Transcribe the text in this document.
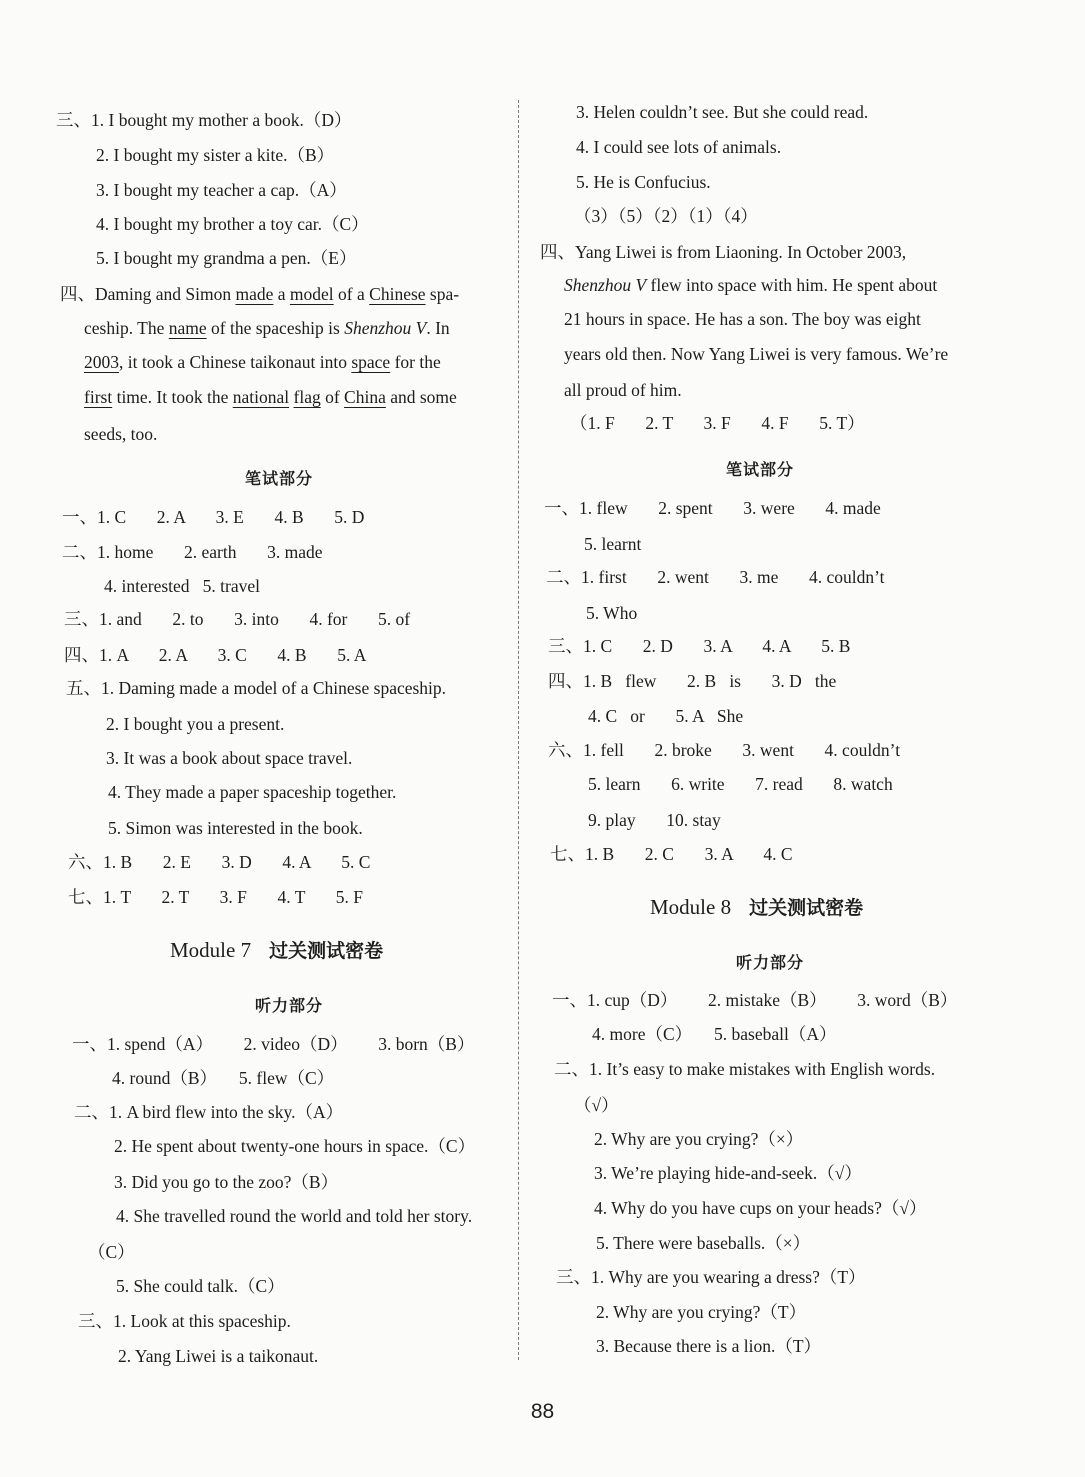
三、1. I bought my mother a book.（D）
2. I bought my sister a kite.（B）
3. I bought my teacher a cap.（A）
4. I bought my brother a toy car.（C）
5. I bought my grandma a pen.（E）
四、Daming and Simon made a model of a Chinese spa-
ceship. The name of the spaceship is Shenzhou V. In
2003, it took a Chinese taikonaut into space for the
first time. It took the national flag of China and some
seeds, too.
笔试部分
一、1. C       2. A       3. E       4. B       5. D
二、1. home       2. earth       3. made
4. interested   5. travel
三、1. and       2. to       3. into       4. for       5. of
四、1. A       2. A       3. C       4. B       5. A
五、1. Daming made a model of a Chinese spaceship.
2. I bought you a present.
3. It was a book about space travel.
4. They made a paper spaceship together.
5. Simon was interested in the book.
六、1. B       2. E       3. D       4. A       5. C
七、1. T       2. T       3. F       4. T       5. F
Module 7 过关测试密卷
听力部分
一、1. spend（A）       2. video（D）       3. born（B）
4. round（B）     5. flew（C）
二、1. A bird flew into the sky.（A）
2. He spent about twenty-one hours in space.（C）
3. Did you go to the zoo?（B）
4. She travelled round the world and told her story.
（C）
5. She could talk.（C）
三、1. Look at this spaceship.
2. Yang Liwei is a taikonaut.
3. Helen couldn’t see. But she could read.
4. I could see lots of animals.
5. He is Confucius.
（3）（5）（2）（1）（4）
四、Yang Liwei is from Liaoning. In October 2003,
Shenzhou V flew into space with him. He spent about
21 hours in space. He has a son. The boy was eight
years old then. Now Yang Liwei is very famous. We’re
all proud of him.
（1. F       2. T       3. F       4. F       5. T）
笔试部分
一、1. flew       2. spent       3. were       4. made
5. learnt
二、1. first       2. went       3. me       4. couldn’t
5. Who
三、1. C       2. D       3. A       4. A       5. B
四、1. B   flew       2. B   is       3. D   the
4. C   or       5. A   She
六、1. fell       2. broke       3. went       4. couldn’t
5. learn       6. write       7. read       8. watch
9. play       10. stay
七、1. B       2. C       3. A       4. C
Module 8 过关测试密卷
听力部分
一、1. cup（D）       2. mistake（B）       3. word（B）
4. more（C）     5. baseball（A）
二、1. It’s easy to make mistakes with English words.
（√）
2. Why are you crying?（×）
3. We’re playing hide-and-seek.（√）
4. Why do you have cups on your heads?（√）
5. There were baseballs.（×）
三、1. Why are you wearing a dress?（T）
2. Why are you crying?（T）
3. Because there is a lion.（T）
88
